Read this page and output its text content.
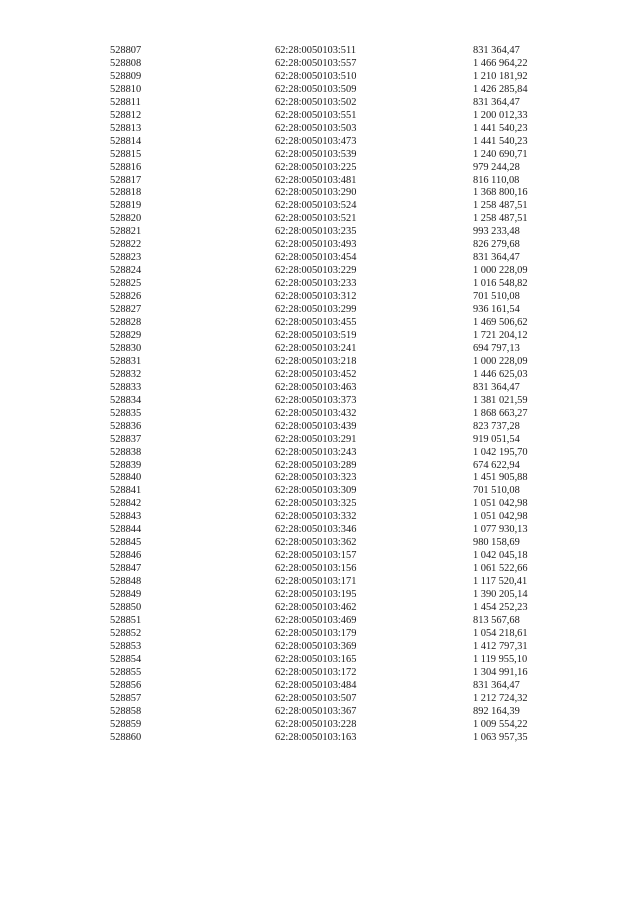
528807	62:28:0050103:511	831 364,47
528808	62:28:0050103:557	1 466 964,22
528809	62:28:0050103:510	1 210 181,92
528810	62:28:0050103:509	1 426 285,84
528811	62:28:0050103:502	831 364,47
528812	62:28:0050103:551	1 200 012,33
528813	62:28:0050103:503	1 441 540,23
528814	62:28:0050103:473	1 441 540,23
528815	62:28:0050103:539	1 240 690,71
528816	62:28:0050103:225	979 244,28
528817	62:28:0050103:481	816 110,08
528818	62:28:0050103:290	1 368 800,16
528819	62:28:0050103:524	1 258 487,51
528820	62:28:0050103:521	1 258 487,51
528821	62:28:0050103:235	993 233,48
528822	62:28:0050103:493	826 279,68
528823	62:28:0050103:454	831 364,47
528824	62:28:0050103:229	1 000 228,09
528825	62:28:0050103:233	1 016 548,82
528826	62:28:0050103:312	701 510,08
528827	62:28:0050103:299	936 161,54
528828	62:28:0050103:455	1 469 506,62
528829	62:28:0050103:519	1 721 204,12
528830	62:28:0050103:241	694 797,13
528831	62:28:0050103:218	1 000 228,09
528832	62:28:0050103:452	1 446 625,03
528833	62:28:0050103:463	831 364,47
528834	62:28:0050103:373	1 381 021,59
528835	62:28:0050103:432	1 868 663,27
528836	62:28:0050103:439	823 737,28
528837	62:28:0050103:291	919 051,54
528838	62:28:0050103:243	1 042 195,70
528839	62:28:0050103:289	674 622,94
528840	62:28:0050103:323	1 451 905,88
528841	62:28:0050103:309	701 510,08
528842	62:28:0050103:325	1 051 042,98
528843	62:28:0050103:332	1 051 042,98
528844	62:28:0050103:346	1 077 930,13
528845	62:28:0050103:362	980 158,69
528846	62:28:0050103:157	1 042 045,18
528847	62:28:0050103:156	1 061 522,66
528848	62:28:0050103:171	1 117 520,41
528849	62:28:0050103:195	1 390 205,14
528850	62:28:0050103:462	1 454 252,23
528851	62:28:0050103:469	813 567,68
528852	62:28:0050103:179	1 054 218,61
528853	62:28:0050103:369	1 412 797,31
528854	62:28:0050103:165	1 119 955,10
528855	62:28:0050103:172	1 304 991,16
528856	62:28:0050103:484	831 364,47
528857	62:28:0050103:507	1 212 724,32
528858	62:28:0050103:367	892 164,39
528859	62:28:0050103:228	1 009 554,22
528860	62:28:0050103:163	1 063 957,35
